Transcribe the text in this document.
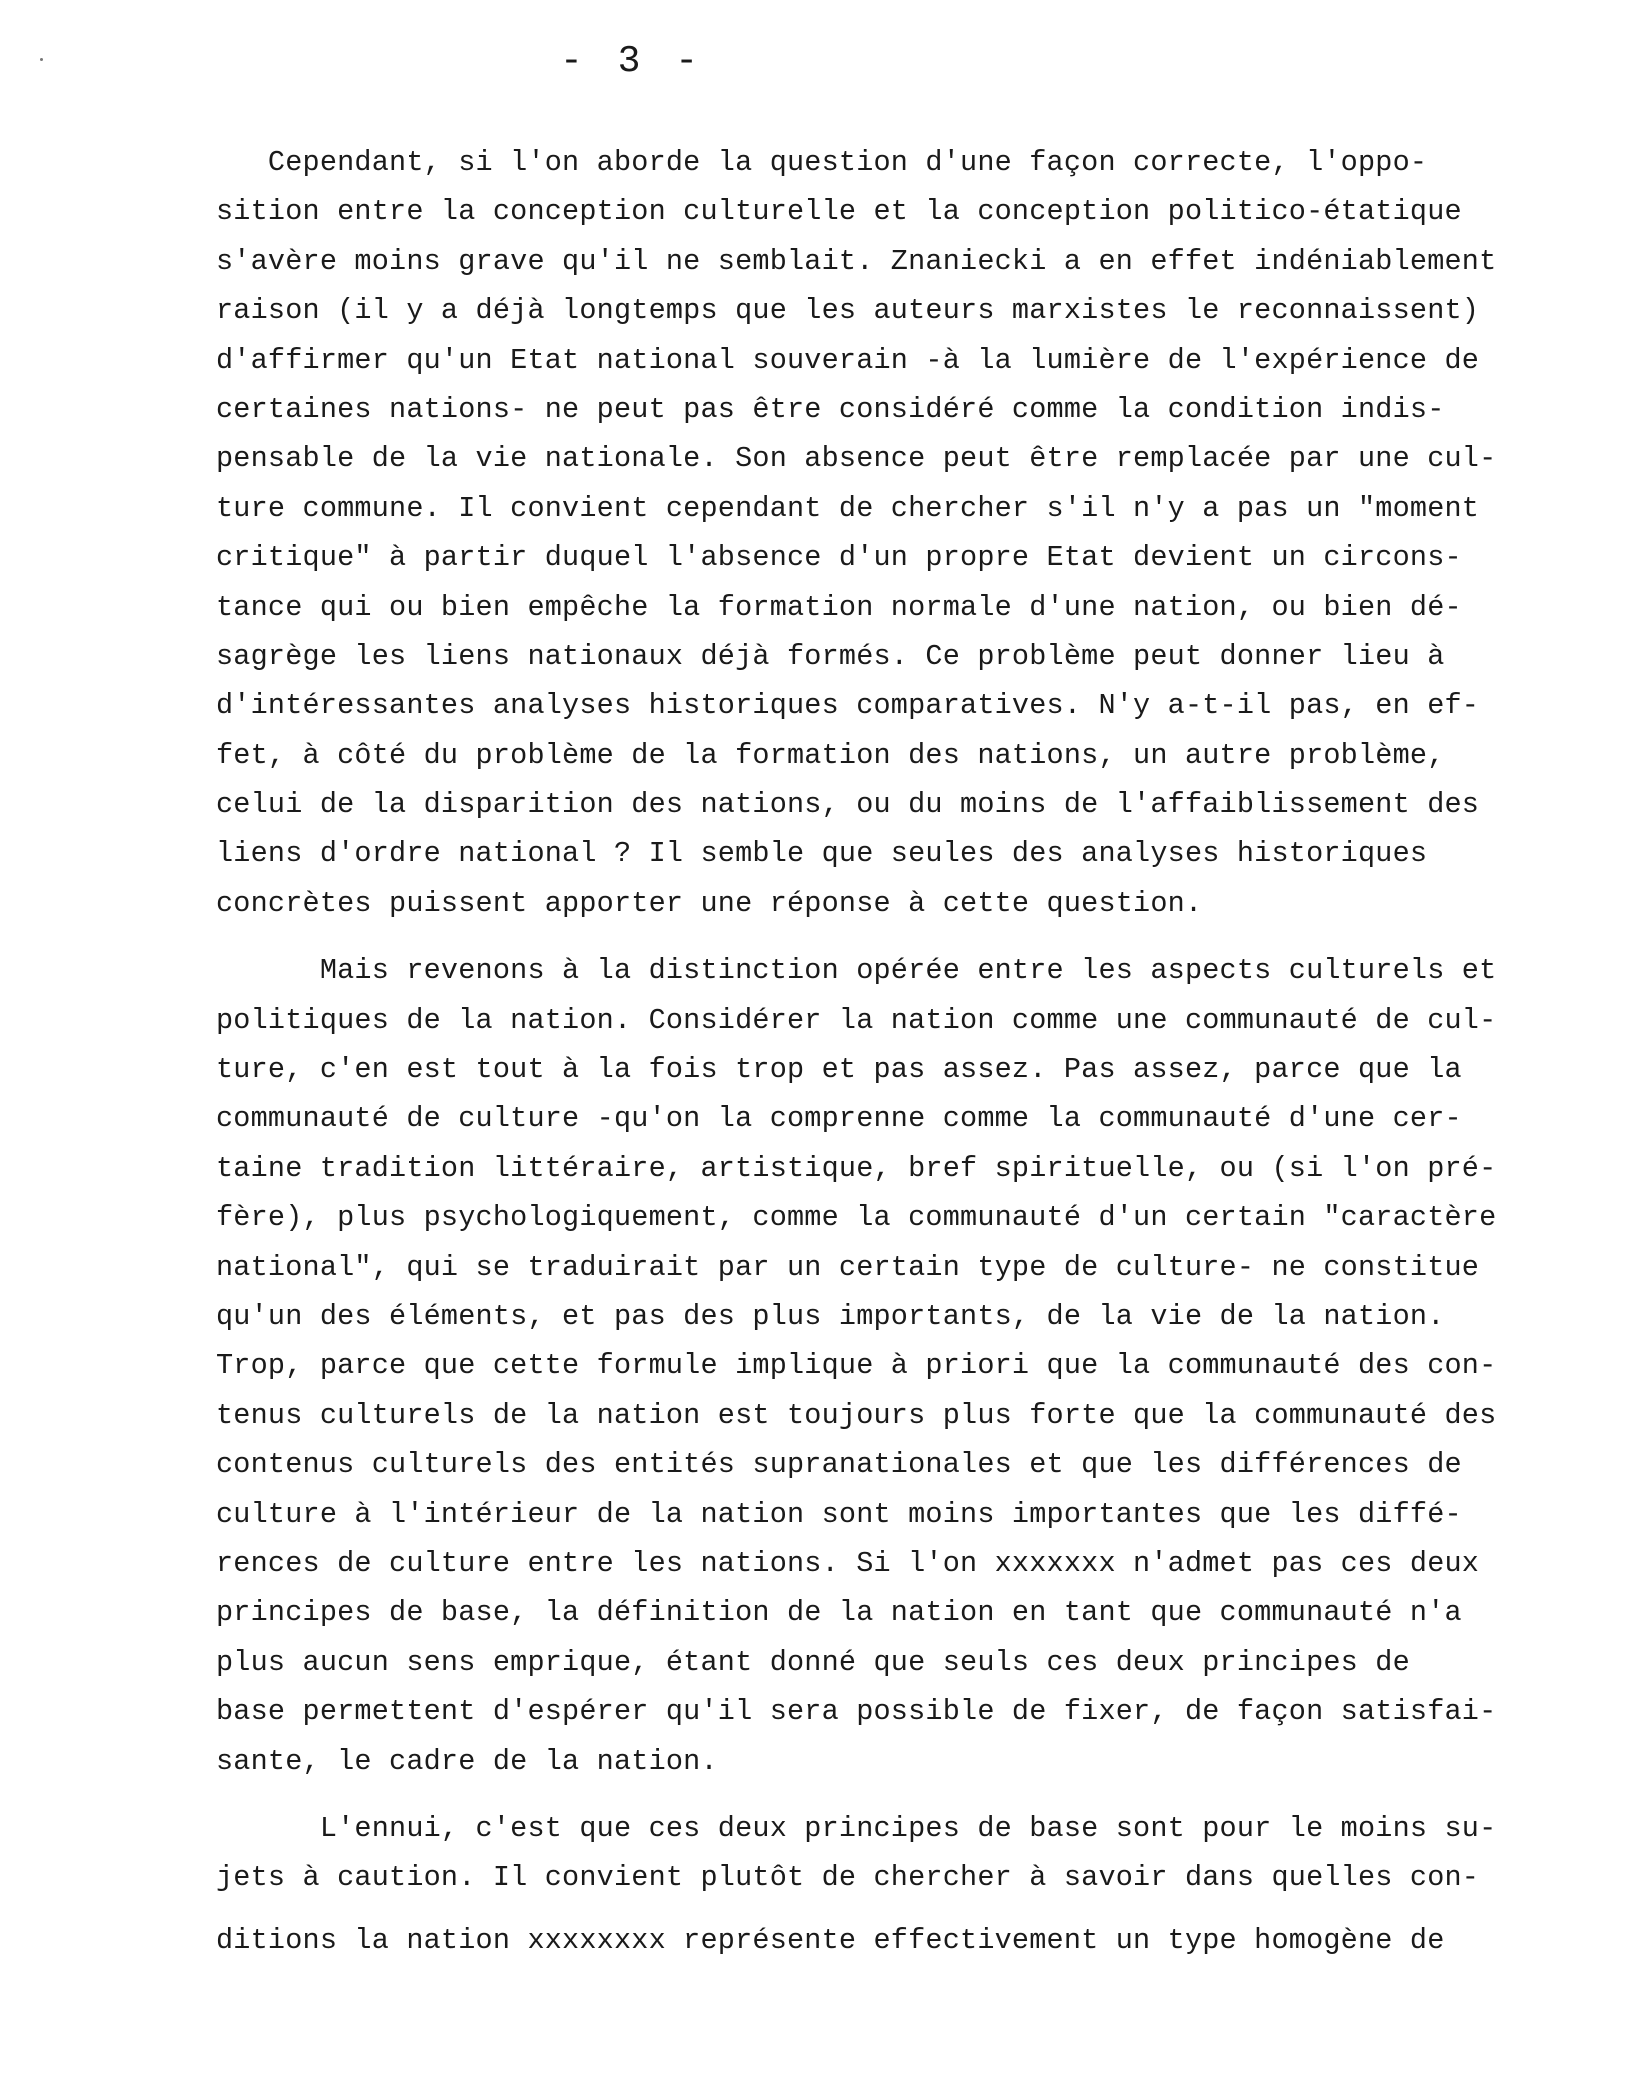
- 3 -
Cependant, si l'on aborde la question d'une façon correcte, l'oppo-
sition entre la conception culturelle et la conception politico-étatique
s'avère moins grave qu'il ne semblait. Znaniecki a en effet indéniablement
raison (il y a déjà longtemps que les auteurs marxistes le reconnaissent)
d'affirmer qu'un Etat national souverain -à la lumière de l'expérience de
certaines nations- ne peut pas être considéré comme la condition indis-
pensable de la vie nationale. Son absence peut être remplacée par une cul-
ture commune. Il convient cependant de chercher s'il n'y a pas un "moment
critique" à partir duquel l'absence d'un propre Etat devient un circons-
tance qui ou bien empêche la formation normale d'une nation, ou bien dé-
sagrège les liens nationaux déjà formés. Ce problème peut donner lieu à
d'intéressantes analyses historiques comparatives. N'y a-t-il pas, en ef-
fet, à côté du problème de la formation des nations, un autre problème,
celui de la disparition des nations, ou du moins de l'affaiblissement des
liens d'ordre national ? Il semble que seules des analyses historiques
concrètes puissent apporter une réponse à cette question.
Mais revenons à la distinction opérée entre les aspects culturels et
politiques de la nation. Considérer la nation comme une communauté de cul-
ture, c'en est tout à la fois trop et pas assez. Pas assez, parce que la
communauté de culture -qu'on la comprenne comme la communauté d'une cer-
taine tradition littéraire, artistique, bref spirituelle, ou (si l'on pré-
fère), plus psychologiquement, comme la communauté d'un certain "caractère
national", qui se traduirait par un certain type de culture- ne constitue
qu'un des éléments, et pas des plus importants, de la vie de la nation.
Trop, parce que cette formule implique à priori que la communauté des con-
tenus culturels de la nation est toujours plus forte que la communauté des
contenus culturels des entités supranationales et que les différences de
culture à l'intérieur de la nation sont moins importantes que les diffé-
rences de culture entre les nations. Si l'on xxxxxxx n'admet pas ces deux
principes de base, la définition de la nation en tant que communauté n'a
plus aucun sens emprique, étant donné que seuls ces deux principes de
base permettent d'espérer qu'il sera possible de fixer, de façon satisfai-
sante, le cadre de la nation.
L'ennui, c'est que ces deux principes de base sont pour le moins su-
jets à caution. Il convient plutôt de chercher à savoir dans quelles con-
ditions la nation xxxxxxxx représente effectivement un type homogène de
